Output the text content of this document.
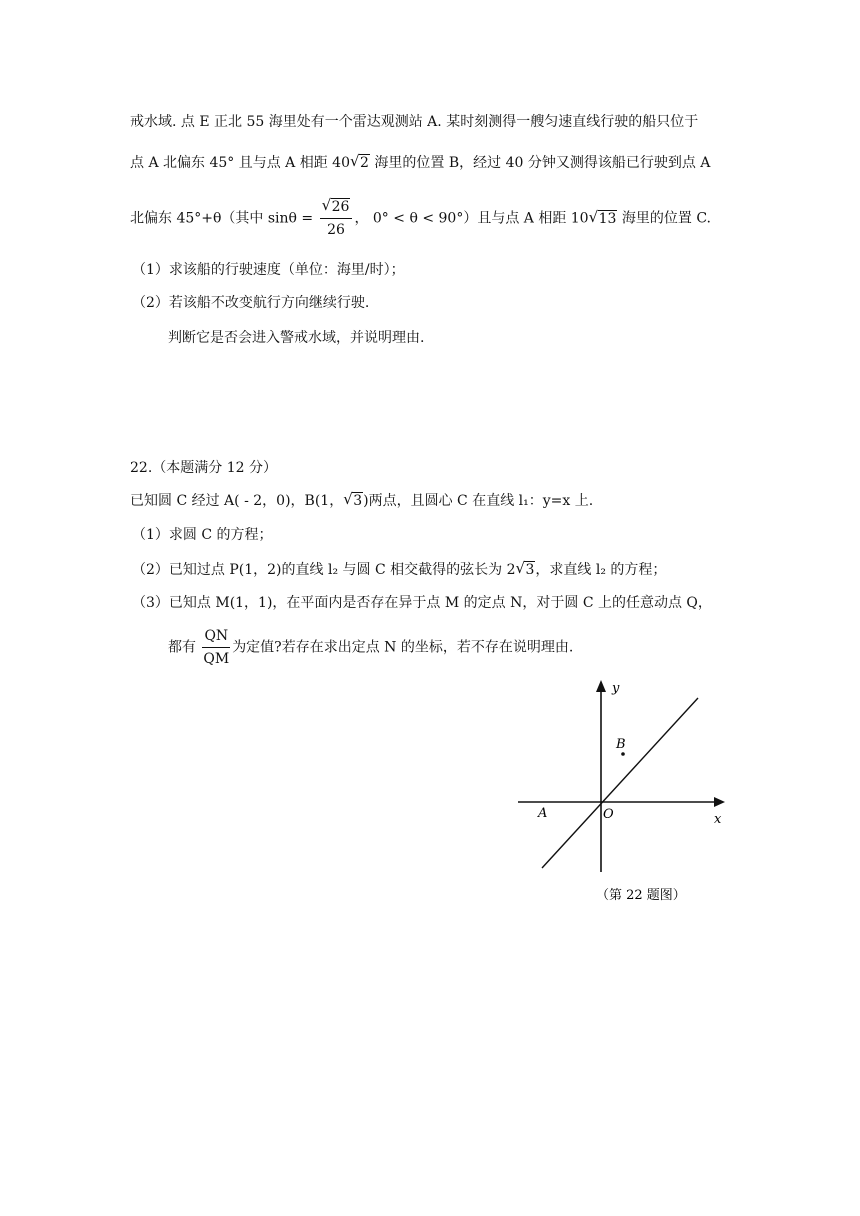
戒水域. 点 E 正北 55 海里处有一个雷达观测站 A. 某时刻测得一艘匀速直线行驶的船只位于
点 A 北偏东 45° 且与点 A 相距 40 √ 2 海里的位置 B，经过 40 分钟又测得该船已行驶到点 A
北偏东 45°+θ（其中 sinθ = √ $\frac{26}{26}$ ， 0° < θ < 90°）且与点 A 相距 10 √ 13 海里的位置 C.
（1）求该船的行驶速度（单位：海里/时）；
（2）若该船不改变航行方向继续行驶.
判断它是否会进入警戒水域，并说明理由.
22.（本题满分 12 分）
已知圆 C 经过 A( - 2，0)，B(1， √ 3)两点，且圆心 C 在直线 l₁：y=x 上.
（1）求圆 C 的方程；
（2）已知过点 P(1，2)的直线 l₂ 与圆 C 相交截得的弦长为 2 √ 3，求直线 l₂ 的方程；
（3）已知点 M(1，1)，在平面内是否存在异于点 M 的定点 N，对于圆 C 上的任意动点 Q，
都有 $\frac{QN}{QM}$ 为定值?若存在求出定点 N 的坐标，若不存在说明理由.
y
B
A	O	x
（第 22 题图）
